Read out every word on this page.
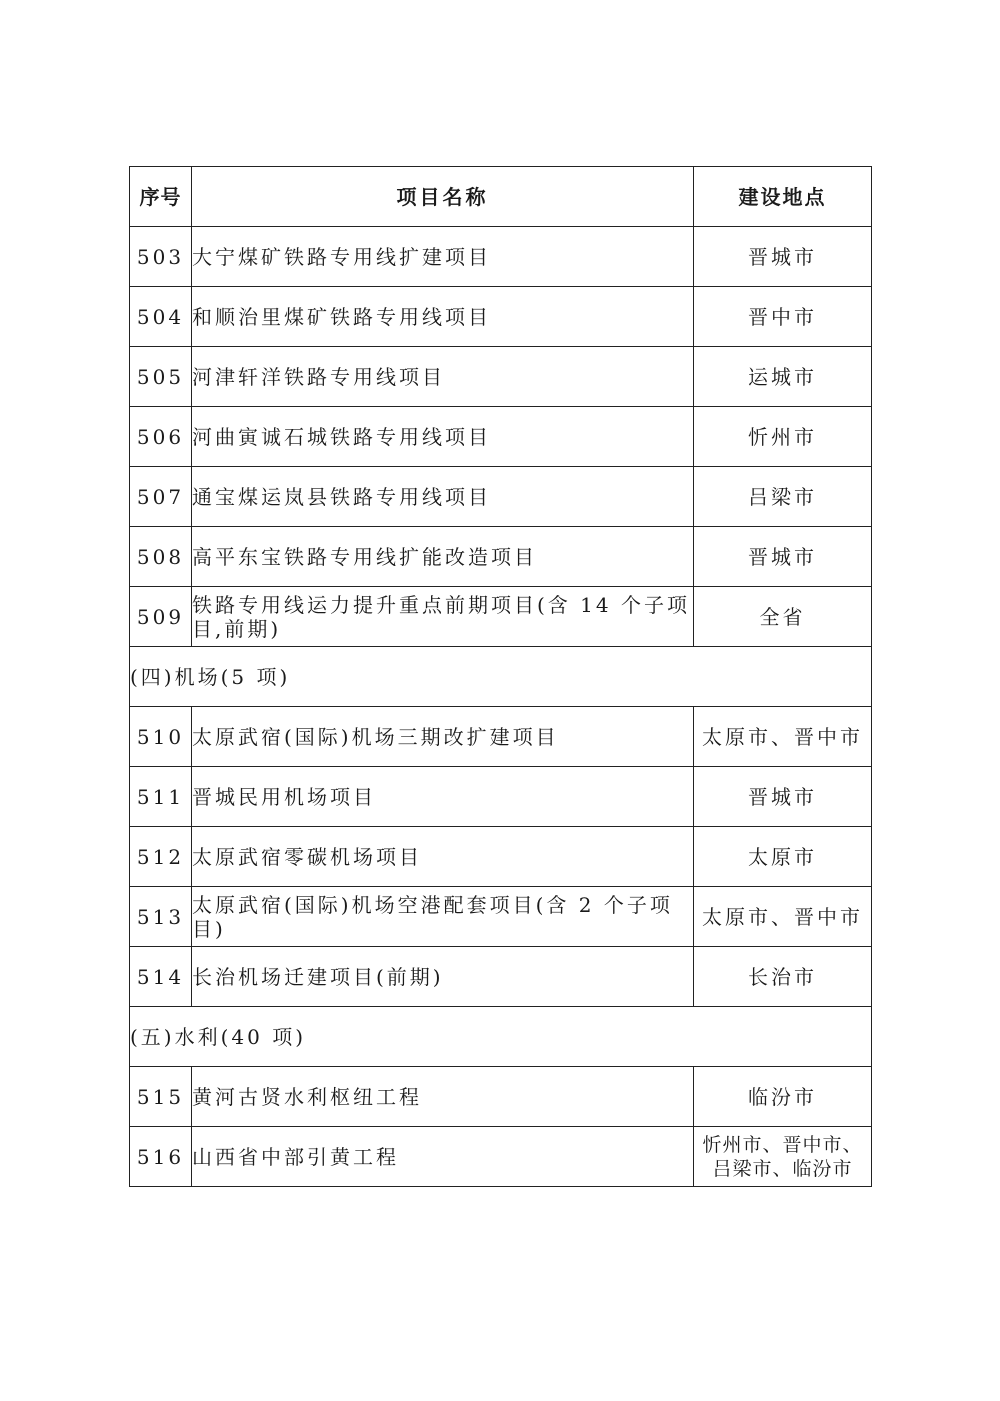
序号	项目名称	建设地点
503	大宁煤矿铁路专用线扩建项目	晋城市
504	和顺治里煤矿铁路专用线项目	晋中市
505	河津轩洋铁路专用线项目	运城市
506	河曲寅诚石城铁路专用线项目	忻州市
507	通宝煤运岚县铁路专用线项目	吕梁市
508	高平东宝铁路专用线扩能改造项目	晋城市
509	铁路专用线运力提升重点前期项目(含 14 个子项目,前期)	全省
(四)机场(5 项)		
510	太原武宿(国际)机场三期改扩建项目	太原市、晋中市
511	晋城民用机场项目	晋城市
512	太原武宿零碳机场项目	太原市
513	太原武宿(国际)机场空港配套项目(含 2 个子项目)	太原市、晋中市
514	长治机场迁建项目(前期)	长治市
(五)水利(40 项)		
515	黄河古贤水利枢纽工程	临汾市
516	山西省中部引黄工程	忻州市、晋中市、吕梁市、临汾市
